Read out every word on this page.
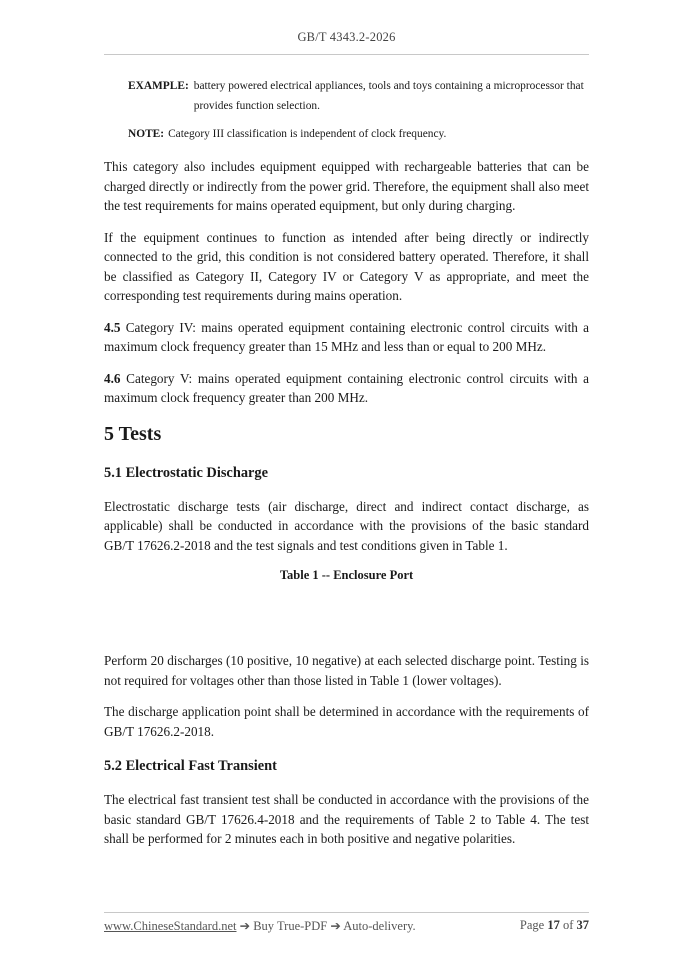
GB/T 4343.2-2026
EXAMPLE: battery powered electrical appliances, tools and toys containing a microprocessor that provides function selection.

NOTE: Category III classification is independent of clock frequency.

This category also includes equipment equipped with rechargeable batteries that can be charged directly or indirectly from the power grid. Therefore, the equipment shall also meet the test requirements for mains operated equipment, but only during charging.

If the equipment continues to function as intended after being directly or indirectly connected to the grid, this condition is not considered battery operated. Therefore, it shall be classified as Category II, Category IV or Category V as appropriate, and meet the corresponding test requirements during mains operation.

4.5 Category IV: mains operated equipment containing electronic control circuits with a maximum clock frequency greater than 15 MHz and less than or equal to 200 MHz.

4.6 Category V: mains operated equipment containing electronic control circuits with a maximum clock frequency greater than 200 MHz.

5 Tests
5.1 Electrostatic Discharge

Electrostatic discharge tests (air discharge, direct and indirect contact discharge, as applicable) shall be conducted in accordance with the provisions of the basic standard GB/T 17626.2-2018 and the test signals and test conditions given in Table 1.

Table 1 -- Enclosure Port

Perform 20 discharges (10 positive, 10 negative) at each selected discharge point. Testing is not required for voltages other than those listed in Table 1 (lower voltages).

The discharge application point shall be determined in accordance with the requirements of GB/T 17626.2-2018.

5.2 Electrical Fast Transient

The electrical fast transient test shall be conducted in accordance with the provisions of the basic standard GB/T 17626.4-2018 and the requirements of Table 2 to Table 4. The test shall be performed for 2 minutes each in both positive and negative polarities.

www.ChineseStandard.net ➔ Buy True-PDF ➔ Auto-delivery.	Page 17 of 37
